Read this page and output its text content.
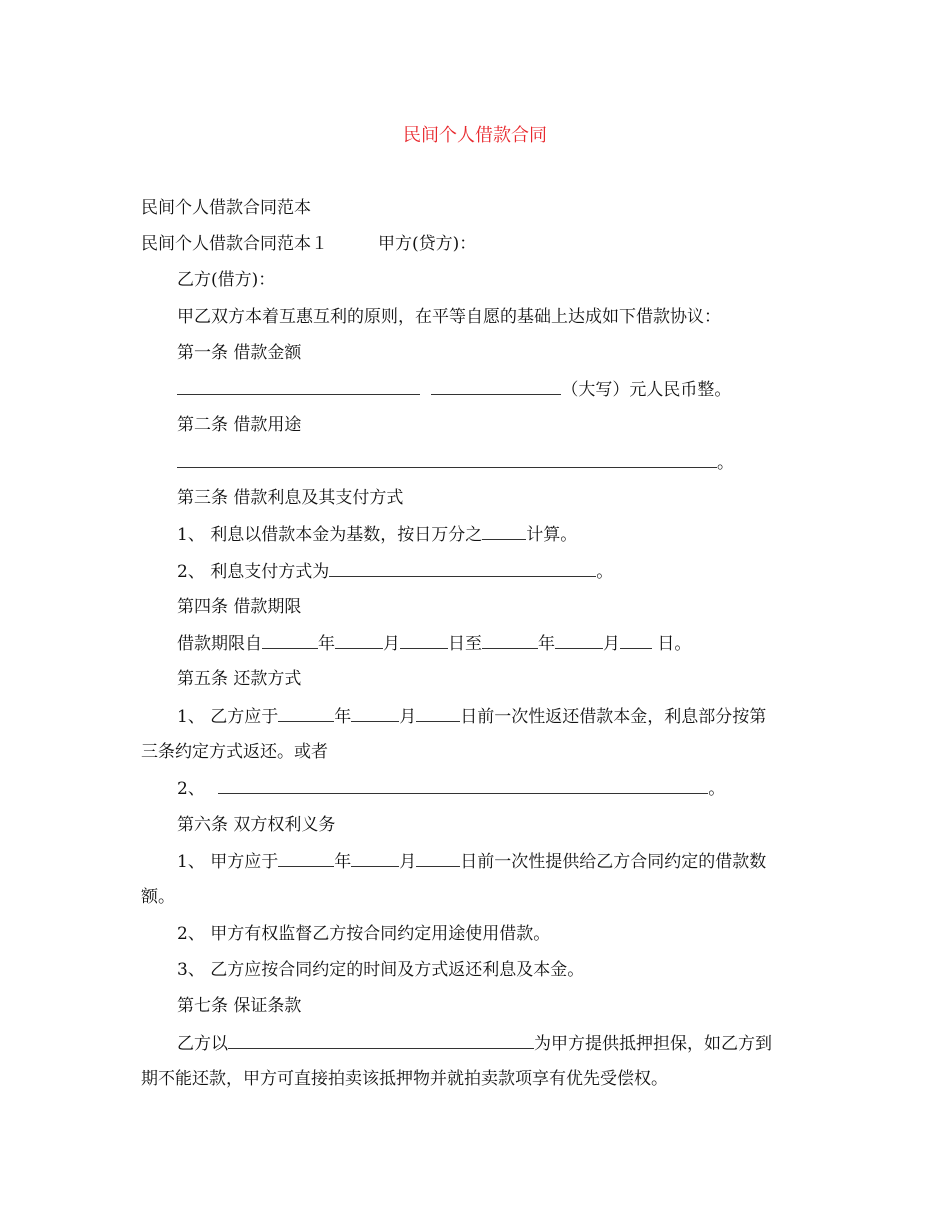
民间个人借款合同
民间个人借款合同范本
民间个人借款合同范本１	甲方(贷方)：
乙方(借方)：
甲乙双方本着互惠互利的原则，在平等自愿的基础上达成如下借款协议：
第一条 借款金额
（大写）元人民币整。
第二条 借款用途
。
第三条 借款利息及其支付方式
1、 利息以借款本金为基数，按日万分之	计算。
2、 利息支付方式为	。
第四条 借款期限
借款期限自	年	月	日至	年	月 日。
第五条 还款方式
1、 乙方应于	年	月	日前一次性返还借款本金，利息部分按第
三条约定方式返还。或者
2、	。
第六条 双方权利义务
1、 甲方应于	年	月	日前一次性提供给乙方合同约定的借款数
额。
2、 甲方有权监督乙方按合同约定用途使用借款。
3、 乙方应按合同约定的时间及方式返还利息及本金。
第七条 保证条款
乙方以	为甲方提供抵押担保，如乙方到
期不能还款，甲方可直接拍卖该抵押物并就拍卖款项享有优先受偿权。
